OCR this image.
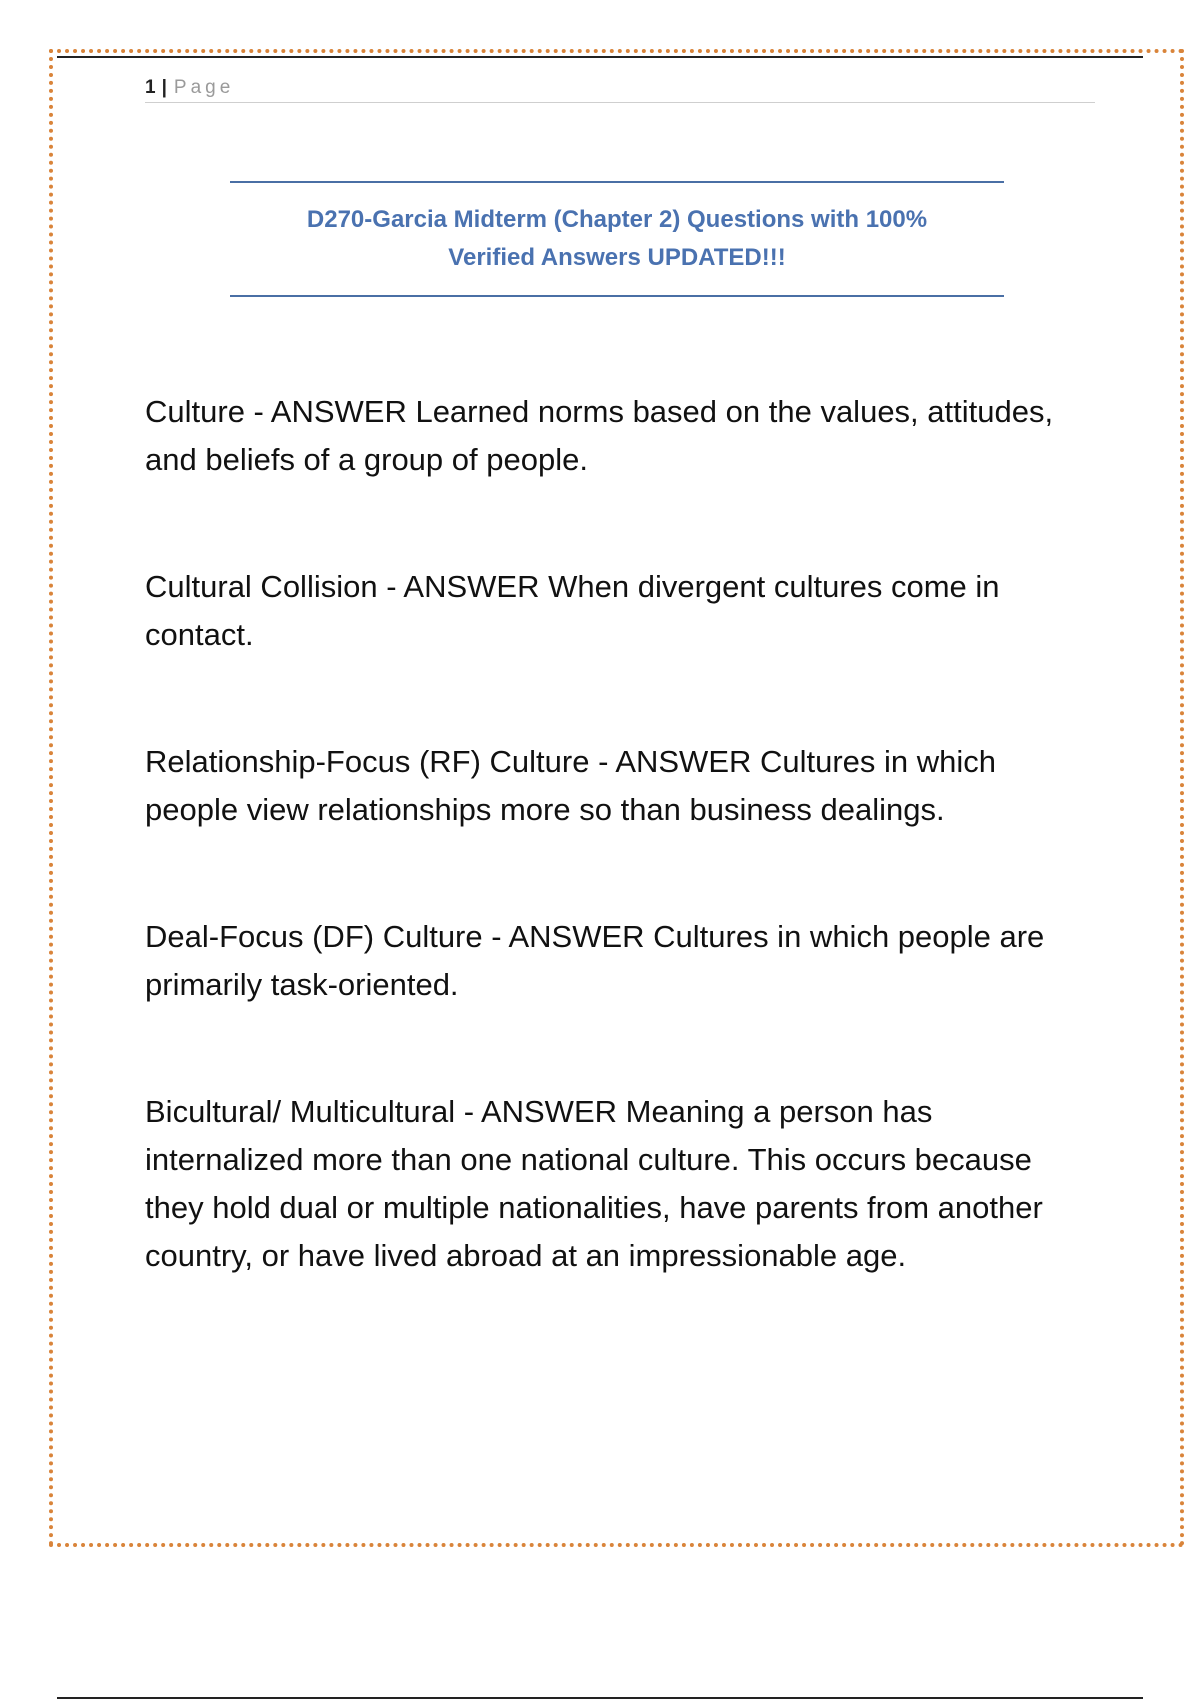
1 | Page
D270-Garcia Midterm (Chapter 2) Questions with 100% Verified Answers UPDATED!!!

Culture - ANSWER Learned norms based on the values, attitudes, and beliefs of a group of people.

Cultural Collision - ANSWER When divergent cultures come in contact.

Relationship-Focus (RF) Culture - ANSWER Cultures in which people view relationships more so than business dealings.

Deal-Focus (DF) Culture - ANSWER Cultures in which people are primarily task-oriented.

Bicultural/ Multicultural - ANSWER Meaning a person has internalized more than one national culture. This occurs because they hold dual or multiple nationalities, have parents from another country, or have lived abroad at an impressionable age.
